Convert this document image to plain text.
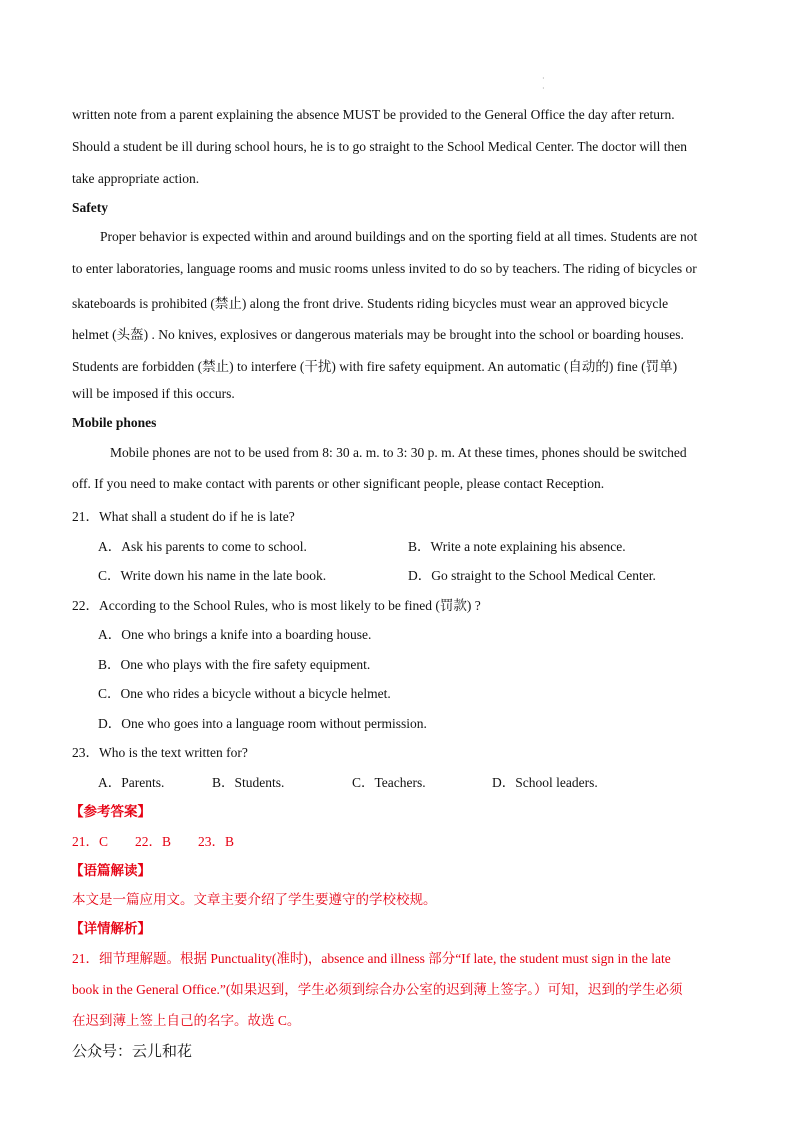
·
·
written note from a parent explaining the absence MUST be provided to the General Office the day after return.
Should a student be ill during school hours, he is to go straight to the School Medical Center. The doctor will then
take appropriate action.
Safety
Proper behavior is expected within and around buildings and on the sporting field at all times. Students are not
to enter laboratories, language rooms and music rooms unless invited to do so by teachers. The riding of bicycles or
skateboards is prohibited (禁止) along the front drive. Students riding bicycles must wear an approved bicycle
helmet (头盔) . No knives, explosives or dangerous materials may be brought into the school or boarding houses.
Students are forbidden (禁止) to interfere (干扰) with fire safety equipment. An automatic (自动的) fine (罚单)
will be imposed if this occurs.
Mobile phones
Mobile phones are not to be used from 8: 30 a. m. to 3: 30 p. m. At these times, phones should be switched
off. If you need to make contact with parents or other significant people, please contact Reception.
21．What shall a student do if he is late?
A．Ask his parents to come to school.	B．Write a note explaining his absence.
C．Write down his name in the late book.	D．Go straight to the School Medical Center.
22．According to the School Rules, who is most likely to be fined (罚款) ?
A．One who brings a knife into a boarding house.
B．One who plays with the fire safety equipment.
C．One who rides a bicycle without a bicycle helmet.
D．One who goes into a language room without permission.
23．Who is the text written for?
A．Parents.	B．Students.	C．Teachers.	D．School leaders.
【参考答案】
21．C　　22．B　　23．B
【语篇解读】
本文是一篇应用文。文章主要介绍了学生要遵守的学校校规。
【详情解析】
21．细节理解题。根据 Punctuality(准时)，absence and illness 部分“If late, the student must sign in the late
book in the General Office.”(如果迟到，学生必须到综合办公室的迟到薄上签字。）可知，迟到的学生必须
在迟到薄上签上自己的名字。故选 C。
公众号：云儿和花
